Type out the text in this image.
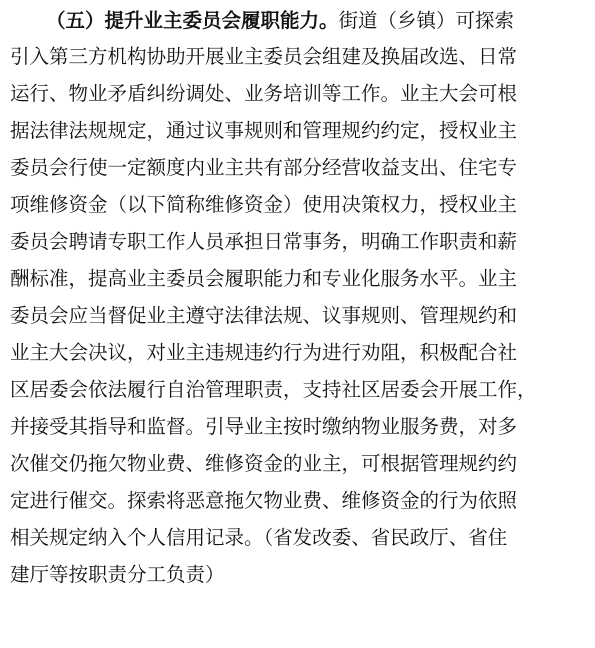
（五）提升业主委员会履职能力。街道（乡镇）可探索
引入第三方机构协助开展业主委员会组建及换届改选、日常
运行、物业矛盾纠纷调处、业务培训等工作。业主大会可根
据法律法规规定，通过议事规则和管理规约约定，授权业主
委员会行使一定额度内业主共有部分经营收益支出、住宅专
项维修资金（以下简称维修资金）使用决策权力，授权业主
委员会聘请专职工作人员承担日常事务，明确工作职责和薪
酬标准，提高业主委员会履职能力和专业化服务水平。业主
委员会应当督促业主遵守法律法规、议事规则、管理规约和
业主大会决议，对业主违规违约行为进行劝阻，积极配合社
区居委会依法履行自治管理职责，支持社区居委会开展工作，
并接受其指导和监督。引导业主按时缴纳物业服务费，对多
次催交仍拖欠物业费、维修资金的业主，可根据管理规约约
定进行催交。探索将恶意拖欠物业费、维修资金的行为依照
相关规定纳入个人信用记录。（省发改委、省民政厅、省住
建厅等按职责分工负责）
